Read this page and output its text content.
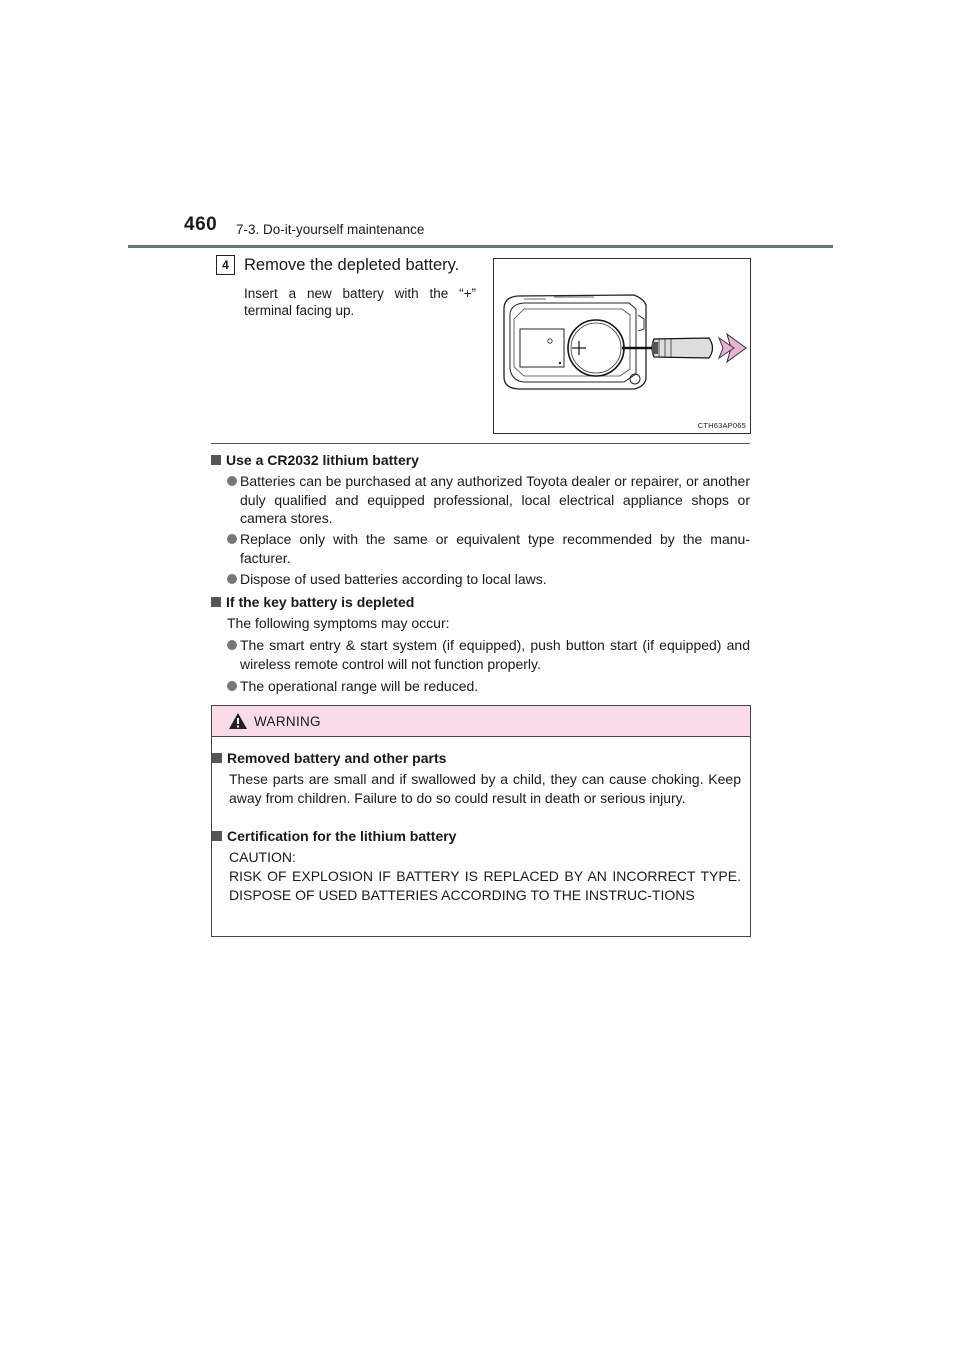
460 7-3. Do-it-yourself maintenance
4 Remove the depleted battery.
Insert a new battery with the “+” terminal facing up.
CTH63AP065
Use a CR2032 lithium battery
Batteries can be purchased at any authorized Toyota dealer or repairer, or another duly qualified and equipped professional, local electrical appliance shops or camera stores.
Replace only with the same or equivalent type recommended by the manu-facturer.
Dispose of used batteries according to local laws.
If the key battery is depleted
The following symptoms may occur:
The smart entry & start system (if equipped), push button start (if equipped) and wireless remote control will not function properly.
The operational range will be reduced.
WARNING
Removed battery and other parts
These parts are small and if swallowed by a child, they can cause choking. Keep away from children. Failure to do so could result in death or serious injury.
Certification for the lithium battery
CAUTION:
RISK OF EXPLOSION IF BATTERY IS REPLACED BY AN INCORRECT TYPE. DISPOSE OF USED BATTERIES ACCORDING TO THE INSTRUC-TIONS
